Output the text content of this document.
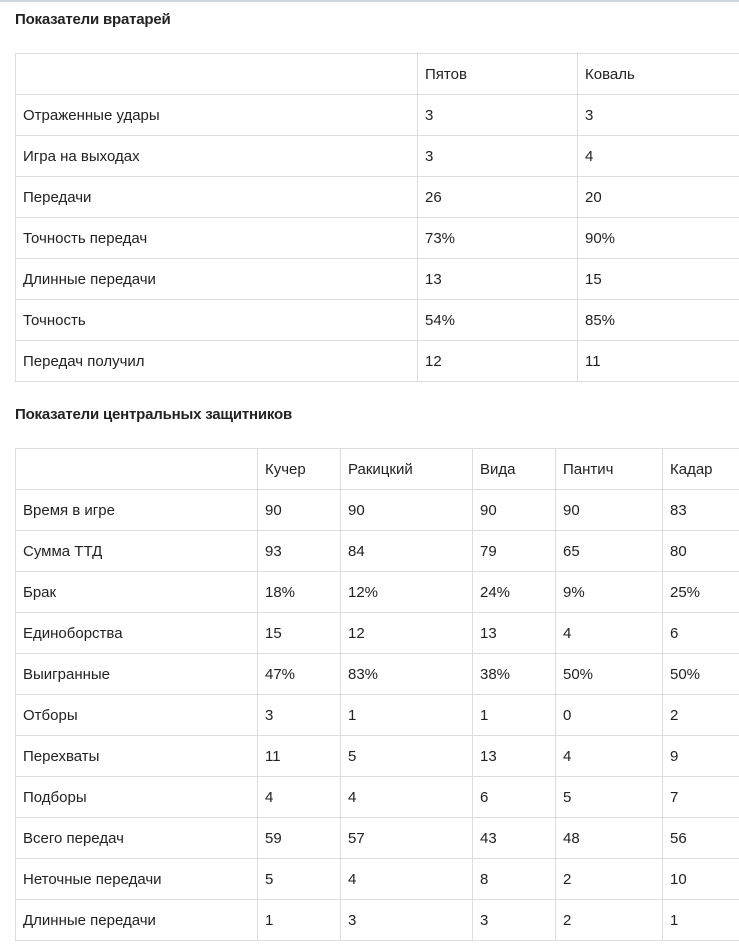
Показатели вратарей
	Пятов	Коваль
Отраженные удары	3	3
Игра на выходах	3	4
Передачи	26	20
Точность передач	73%	90%
Длинные передачи	13	15
Точность	54%	85%
Передач получил	12	11
Показатели центральных защитников
	Кучер	Ракицкий	Вида	Пантич	Кадар
Время в игре	90	90	90	90	83
Сумма ТТД	93	84	79	65	80
Брак	18%	12%	24%	9%	25%
Единоборства	15	12	13	4	6
Выигранные	47%	83%	38%	50%	50%
Отборы	3	1	1	0	2
Перехваты	11	5	13	4	9
Подборы	4	4	6	5	7
Всего передач	59	57	43	48	56
Неточные передачи	5	4	8	2	10
Длинные передачи	1	3	3	2	1
